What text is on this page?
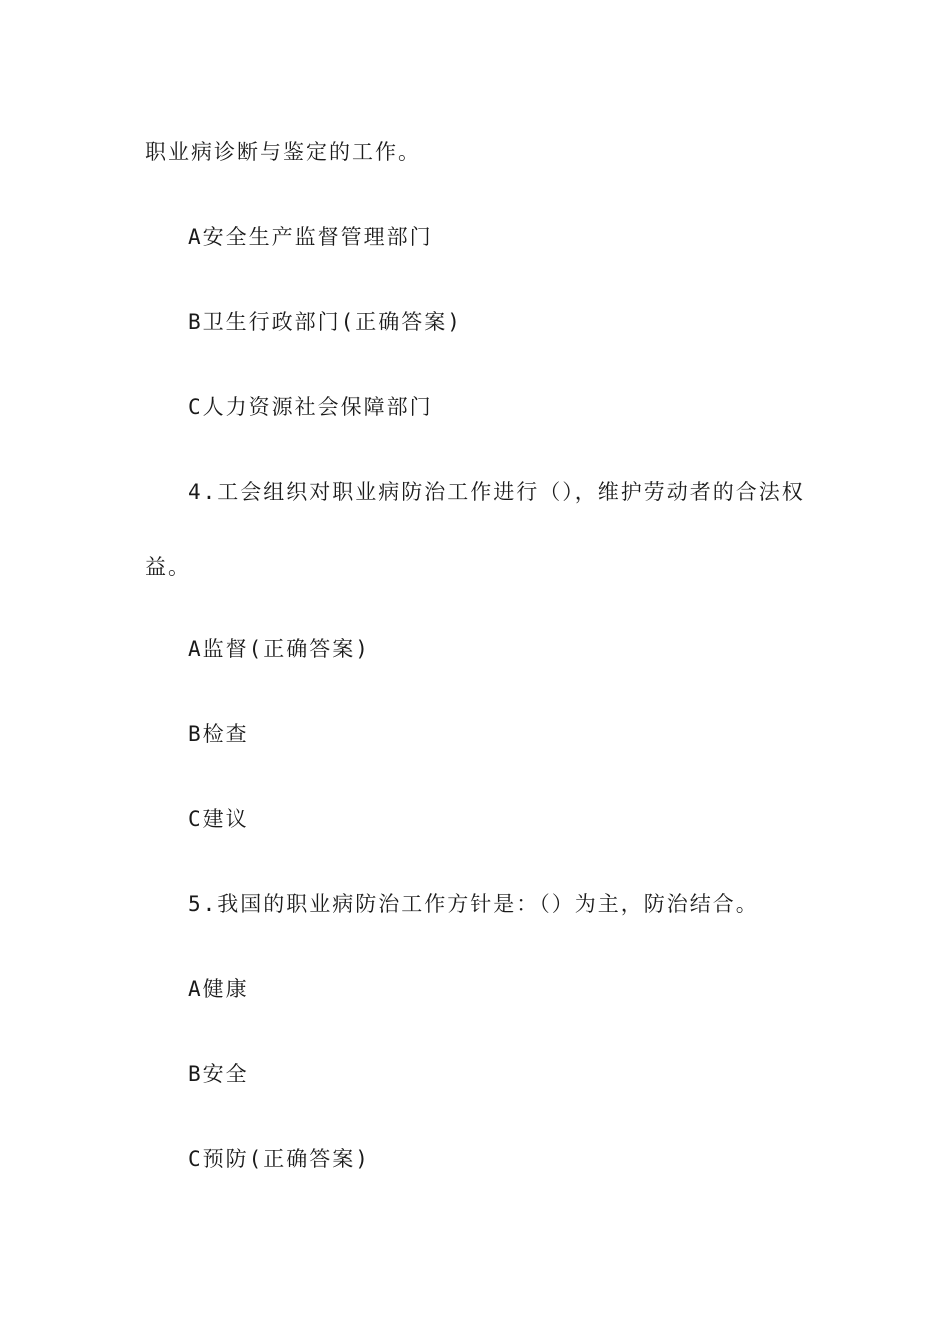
职业病诊断与鉴定的工作。
A安全生产监督管理部门
B卫生行政部门(正确答案)
C人力资源社会保障部门
4.工会组织对职业病防治工作进行（），维护劳动者的合法权
益。
A监督(正确答案)
B检查
C建议
5.我国的职业病防治工作方针是：（）为主，防治结合。
A健康
B安全
C预防(正确答案)
